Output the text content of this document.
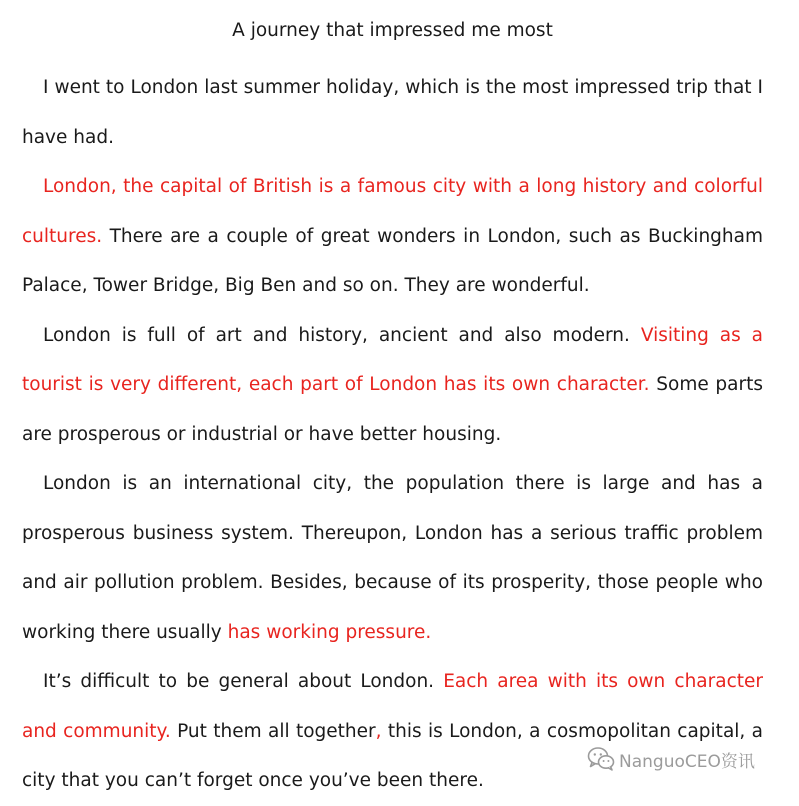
A journey that impressed me most

I went to London last summer holiday, which is the most impressed trip that I have had.

London, the capital of British is a famous city with a long history and colorful cultures. There are a couple of great wonders in London, such as Buckingham Palace, Tower Bridge, Big Ben and so on. They are wonderful.

London is full of art and history, ancient and also modern. Visiting as a tourist is very different, each part of London has its own character. Some parts are prosperous or industrial or have better housing.

London is an international city, the population there is large and has a prosperous business system. Thereupon, London has a serious traffic problem and air pollution problem. Besides, because of its prosperity, those people who working there usually has working pressure.

It’s difficult to be general about London. Each area with its own character and community. Put them all together, this is London, a cosmopolitan capital, a city that you can’t forget once you’ve been there.

NanguoCEO资讯
